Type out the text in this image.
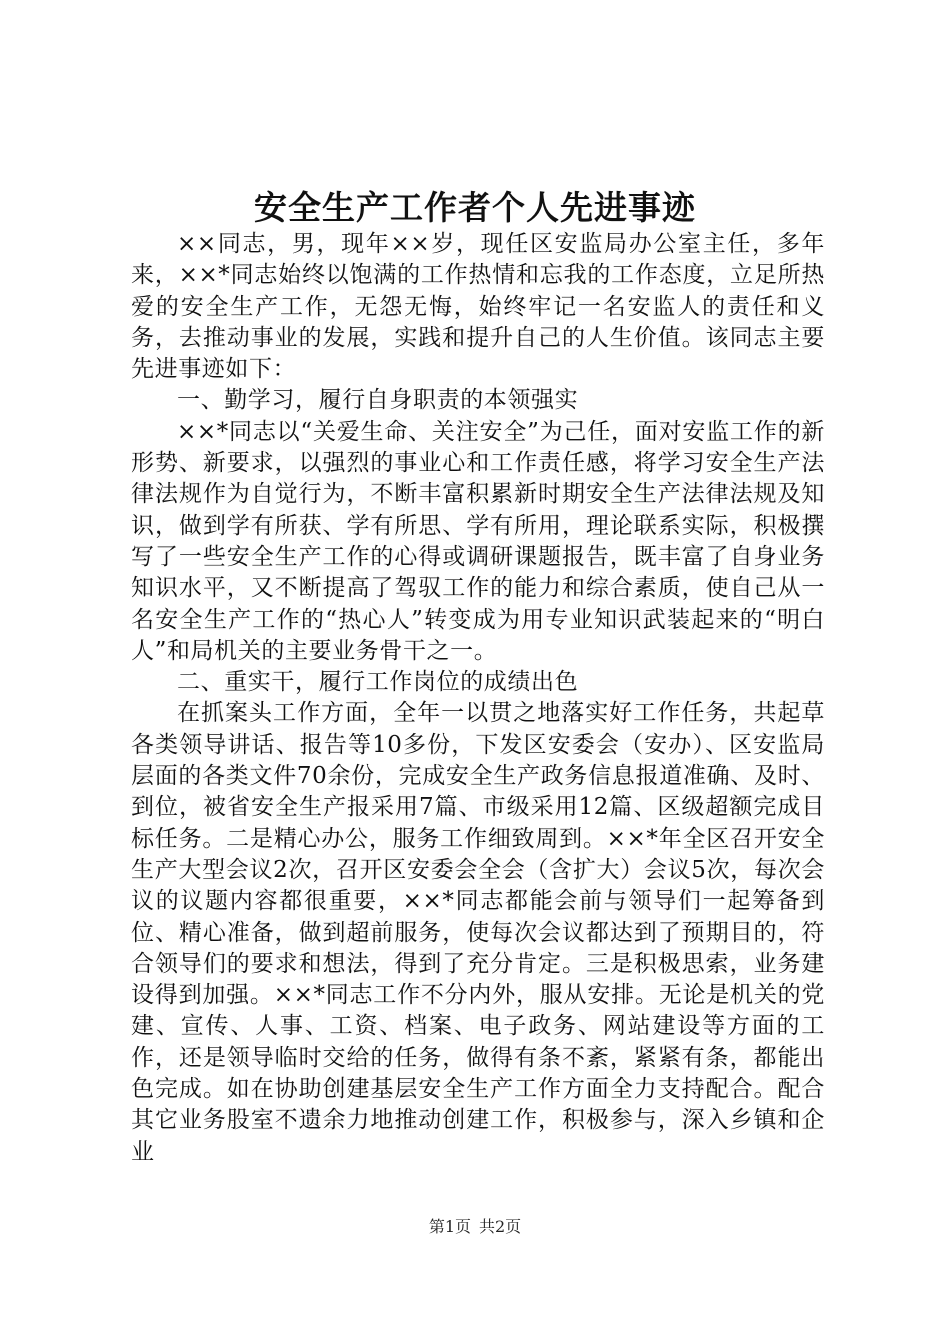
安全生产工作者个人先进事迹

××同志，男，现年××岁，现任区安监局办公室主任，多年来，××*同志始终以饱满的工作热情和忘我的工作态度，立足所热爱的安全生产工作，无怨无悔，始终牢记一名安监人的责任和义务，去推动事业的发展，实践和提升自己的人生价值。该同志主要先进事迹如下：

一、勤学习，履行自身职责的本领强实

××*同志以“关爱生命、关注安全”为己任，面对安监工作的新形势、新要求，以强烈的事业心和工作责任感，将学习安全生产法律法规作为自觉行为，不断丰富积累新时期安全生产法律法规及知识，做到学有所获、学有所思、学有所用，理论联系实际，积极撰写了一些安全生产工作的心得或调研课题报告，既丰富了自身业务知识水平，又不断提高了驾驭工作的能力和综合素质，使自己从一名安全生产工作的“热心人”转变成为用专业知识武装起来的“明白人”和局机关的主要业务骨干之一。

二、重实干，履行工作岗位的成绩出色

在抓案头工作方面，全年一以贯之地落实好工作任务，共起草各类领导讲话、报告等10多份，下发区安委会（安办）、区安监局层面的各类文件70余份，完成安全生产政务信息报道准确、及时、到位，被省安全生产报采用7篇、市级采用12篇、区级超额完成目标任务。二是精心办公，服务工作细致周到。××*年全区召开安全生产大型会议2次，召开区安委会全会（含扩大）会议5次，每次会议的议题内容都很重要，××*同志都能会前与领导们一起筹备到位、精心准备，做到超前服务，使每次会议都达到了预期目的，符合领导们的要求和想法，得到了充分肯定。三是积极思索，业务建设得到加强。××*同志工作不分内外，服从安排。无论是机关的党建、宣传、人事、工资、档案、电子政务、网站建设等方面的工作，还是领导临时交给的任务，做得有条不紊，紧紧有条，都能出色完成。如在协助创建基层安全生产工作方面全力支持配合。配合其它业务股室不遗余力地推动创建工作，积极参与，深入乡镇和企业

第1页 共2页
